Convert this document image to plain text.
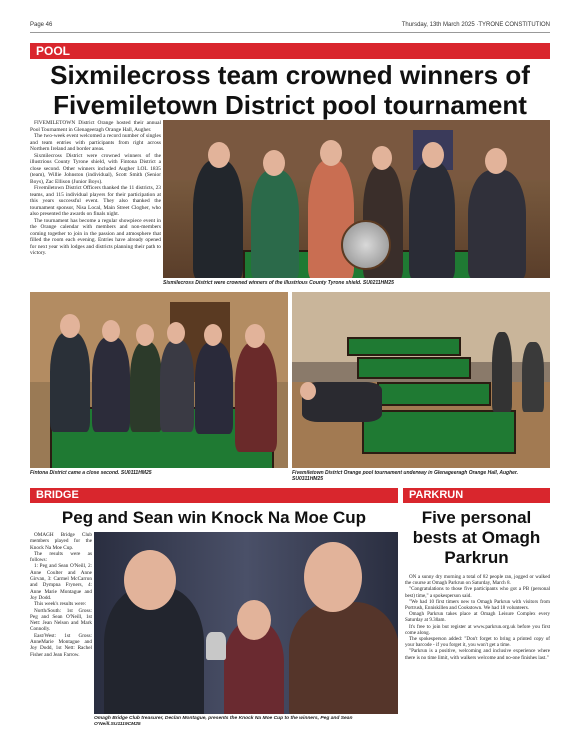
Page 46	Thursday, 13th March 2025 ·TYRONE CONSTITUTION
POOL
Sixmilecross team crowned winners of
Fivemiletown District pool tournament

FIVEMILETOWN District Orange hosted their annual Pool Tournament in Glenageeragh Orange Hall, Augher.

The two-week event welcomed a record number of singles and team entries with participants from right across Northern Ireland and border areas.

Sixmilecross District were crowned winners of the illustrious County Tyrone shield, with Fintona District a close second. Other winners included Augher LOL 1835 (team), Willie Johnston (individual), Scott Smith (Senior Boys), Zac Ellison (Junior Boys).

Fivemiletown District Officers thanked the 11 districts, 23 teams, and 115 individual players for their participation at this years successful event. They also thanked the tournament sponsor, Nisa Local, Main Street Clogher, who also presented the awards on finals night.

The tournament has become a regular showpiece event in the Orange calendar with members and non-members coming together to join in the passion and atmosphere that filled the room each evening. Entries have already opened for next year with lodges and districts planning their path to victory.

Sixmilecross District were crowned winners of the illustrious County Tyrone shield. SU0211HM25
Fintona District came a close second. SU0111HM25	Fivemiletown District Orange pool tournament underway in Glenageeragh Orange Hall, Augher. SU0311HM25
BRIDGE
Peg and Sean win Knock Na Moe Cup

OMAGH Bridge Club members played for the Knock Na Moe Cup.

The results were as follows:

1: Peg and Sean O'Neill, 2: Anne Coulter and Anne Girvan, 3: Carmel McCarron and Dympna Fryners, 4: Anne Marie Montague and Joy Dodd.

This week's results were:

North/South: 1st Gross: Peg and Sean O'Neill, 1st Nett: Jean Nelson and Mark Connolly.

East/West: 1st Gross: AnneMarie Montague and Joy Dodd, 1st Nett: Rachel Fisher and Jean Farrow.

Omagh Bridge Club treasurer, Declan Montague, presents the Knock Na Moe Cup to the winners, Peg and Sean O'Neill.SU1119CM25
PARKRUN
Five personal
bests at Omagh
Parkrun

ON a sunny dry morning a total of 82 people ran, jogged or walked the course at Omagh Parkrun on Saturday, March 8.

"Congratulations to those five participants who got a PB (personal best) time," a spokesperson said.

"We had 10 first timers new to Omagh Parkrun with visitors from Portrush, Enniskillen and Cookstown. We had 18 volunteers.

Omagh Parkrun takes place at Omagh Leisure Complex every Saturday at 9.30am.

It's free to join but register at www.parkrun.org.uk before you first come along.

The spokesperson added: "Don't forget to bring a printed copy of your barcode - if you forget it, you won't get a time.

"Parkrun is a positive, welcoming and inclusive experience where there is no time limit, with walkers welcome and no-one finishes last."
